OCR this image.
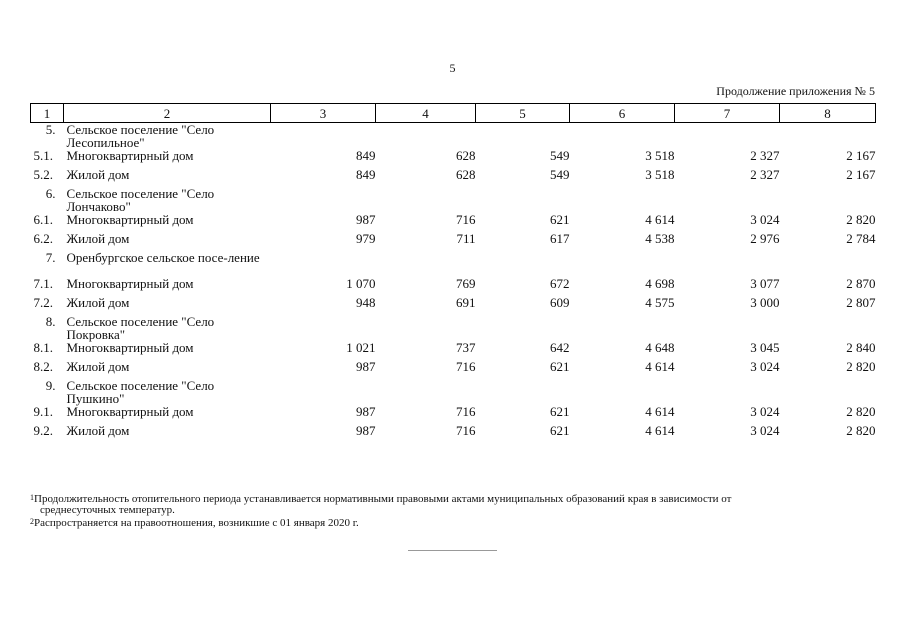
5
Продолжение приложения № 5
1	2	3	4	5	6	7	8
5.	Сельское поселение "Село Лесопильное"						
5.1.	Многоквартирный дом	849	628	549	3 518	2 327	2 167
5.2.	Жилой дом	849	628	549	3 518	2 327	2 167
6.	Сельское поселение "Село Лончаково"						
6.1.	Многоквартирный дом	987	716	621	4 614	3 024	2 820
6.2.	Жилой дом	979	711	617	4 538	2 976	2 784
7.	Оренбургское сельское посе-ление						
7.1.	Многоквартирный дом	1 070	769	672	4 698	3 077	2 870
7.2.	Жилой дом	948	691	609	4 575	3 000	2 807
8.	Сельское поселение "Село Покровка"						
8.1.	Многоквартирный дом	1 021	737	642	4 648	3 045	2 840
8.2.	Жилой дом	987	716	621	4 614	3 024	2 820
9.	Сельское поселение "Село Пушкино"						
9.1.	Многоквартирный дом	987	716	621	4 614	3 024	2 820
9.2.	Жилой дом	987	716	621	4 614	3 024	2 820
$^1$Продолжительность отопительного периода устанавливается нормативными правовыми актами муниципальных образований края в зависимости от
среднесуточных температур.
$^2$Распространяется на правоотношения, возникшие с 01 января 2020 г.
